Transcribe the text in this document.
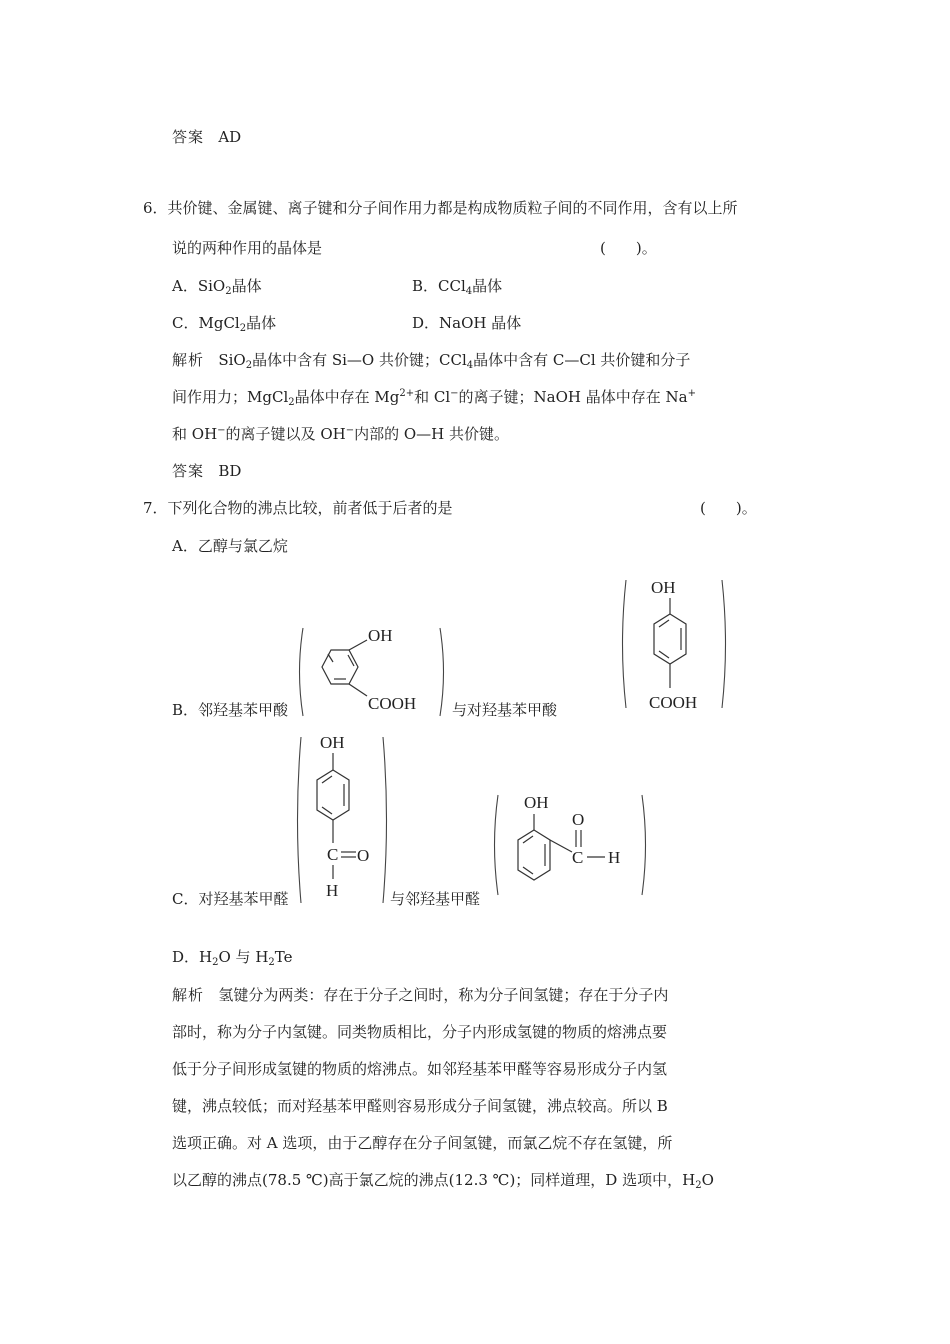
答案 AD
6．共价键、金属键、离子键和分子间作用力都是构成物质粒子间的不同作用，含有以上所
说的两种作用的晶体是	(　　)。
A．SiO$_2$晶体	B．CCl$_4$晶体
C．MgCl$_2$晶体	D．NaOH 晶体
解析 SiO$_2$晶体中含有 Si—O 共价键；CCl$_4$晶体中含有 C—Cl 共价键和分子
间作用力；MgCl$_2$晶体中存在 $Mg^{2+}$和 Cl−的离子键；NaOH 晶体中存在 Na+
和 OH−的离子键以及 OH−内部的 O—H 共价键。
答案 BD
7．下列化合物的沸点比较，前者低于后者的是	(　　)。
A．乙醇与氯乙烷
B．邻羟基苯甲酸
OH
COOH 与对羟基苯甲酸
OH
COOH
C．对羟基苯甲醛
OH
C O
H	与邻羟基甲醛
OH
C
O
H
D．$H_2O$ 与 $H_2Te$
解析 氢键分为两类：存在于分子之间时，称为分子间氢键；存在于分子内
部时，称为分子内氢键。同类物质相比，分子内形成氢键的物质的熔沸点要
低于分子间形成氢键的物质的熔沸点。如邻羟基苯甲醛等容易形成分子内氢
键，沸点较低；而对羟基苯甲醛则容易形成分子间氢键，沸点较高。所以 B
选项正确。对 A 选项，由于乙醇存在分子间氢键，而氯乙烷不存在氢键，所
以乙醇的沸点(78.5 ℃)高于氯乙烷的沸点(12.3 ℃)；同样道理，D 选项中，$H_2O$
